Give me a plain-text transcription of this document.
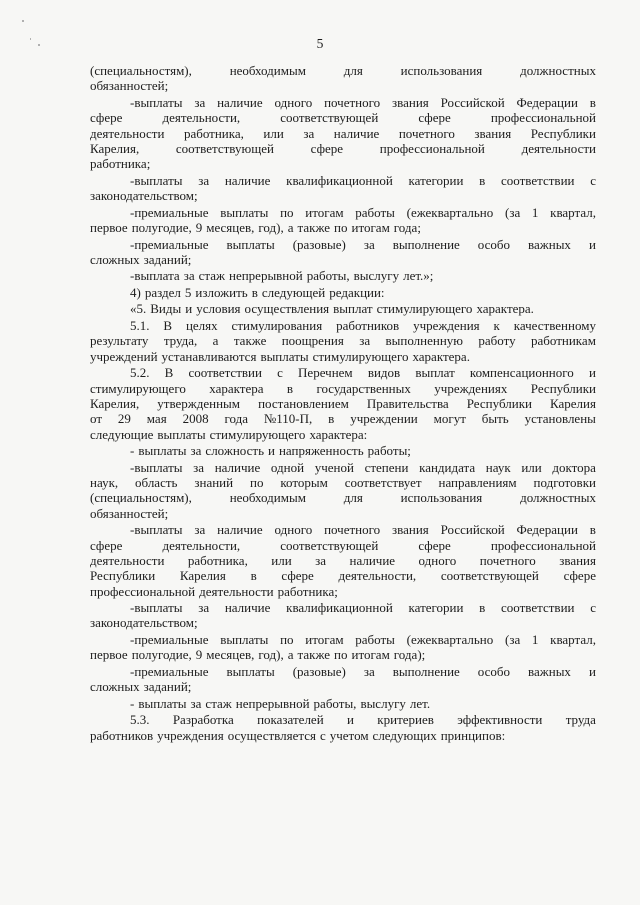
5
(специальностям),	необходимым	для	использования	должностных
обязанностей;
-выплаты за наличие одного почетного звания Российской Федерации в
сфере	деятельности,	соответствующей	сфере	профессиональной
деятельности работника, или за наличие почетного звания Республики
Карелия,	соответствующей	сфере	профессиональной	деятельности
работника;
-выплаты за наличие квалификационной категории в соответствии с
законодательством;
-премиальные выплаты по итогам работы (ежеквартально (за 1 квартал,
первое полугодие, 9 месяцев, год), а также по итогам года;
-премиальные выплаты (разовые) за выполнение особо важных и
сложных заданий;
-выплата за стаж непрерывной работы, выслугу лет.»;
4) раздел 5 изложить в следующей редакции:
«5. Виды и условия осуществления выплат стимулирующего характера.
5.1. В целях стимулирования работников учреждения к качественному
результату труда, а также поощрения за выполненную работу работникам
учреждений устанавливаются выплаты стимулирующего характера.
5.2. В соответствии с Перечнем видов выплат компенсационного и
стимулирующего характера в государственных учреждениях Республики
Карелия, утвержденным постановлением Правительства Республики Карелия
от 29 мая 2008 года №110-П, в учреждении могут быть установлены
следующие выплаты стимулирующего характера:
- выплаты за сложность и напряженность работы;
-выплаты за наличие одной ученой степени кандидата наук или доктора
наук, область знаний по которым соответствует направлениям подготовки
(специальностям),	необходимым	для	использования	должностных
обязанностей;
-выплаты за наличие одного почетного звания Российской Федерации в
сфере	деятельности,	соответствующей	сфере	профессиональной
деятельности работника, или за наличие одного почетного звания
Республики Карелия в сфере деятельности, соответствующей сфере
профессиональной деятельности работника;
-выплаты за наличие квалификационной категории в соответствии с
законодательством;
-премиальные выплаты по итогам работы (ежеквартально (за 1 квартал,
первое полугодие, 9 месяцев, год), а также по итогам года);
-премиальные выплаты (разовые) за выполнение особо важных и
сложных заданий;
- выплаты за стаж непрерывной работы, выслугу лет.
5.3. Разработка показателей и критериев эффективности труда
работников учреждения осуществляется с учетом следующих принципов:
